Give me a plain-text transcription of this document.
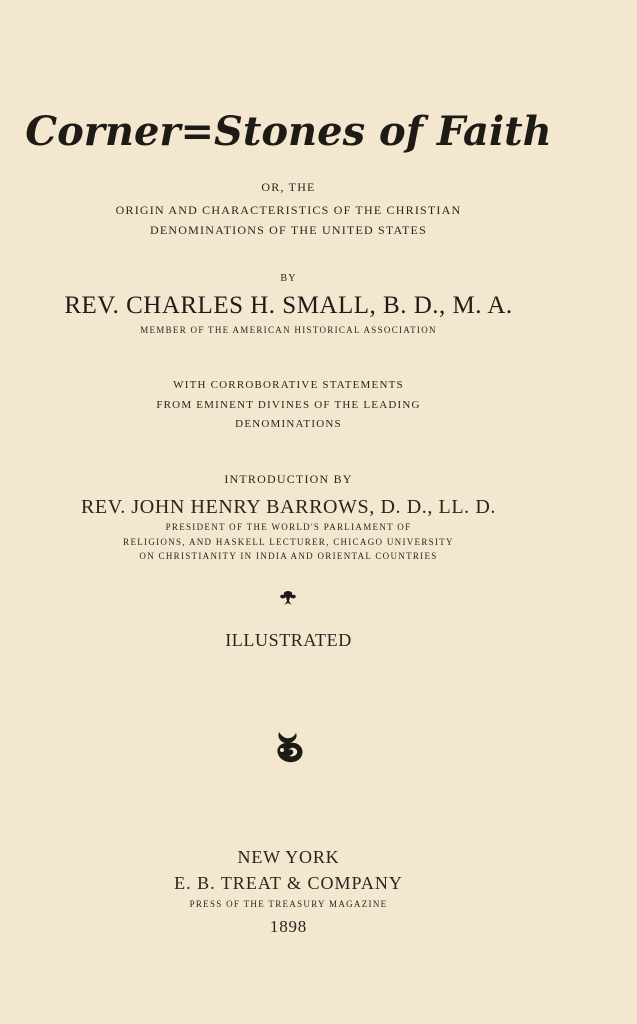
Corner=Stones of Faith
OR, THE
ORIGIN AND CHARACTERISTICS OF THE CHRISTIAN
DENOMINATIONS OF THE UNITED STATES
BY
REV. CHARLES H. SMALL, B. D., M. A.
MEMBER OF THE AMERICAN HISTORICAL ASSOCIATION
WITH CORROBORATIVE STATEMENTS
FROM EMINENT DIVINES OF THE LEADING
DENOMINATIONS
INTRODUCTION BY
REV. JOHN HENRY BARROWS, D. D., LL. D.
PRESIDENT OF THE WORLD'S PARLIAMENT OF
RELIGIONS, AND HASKELL LECTURER, CHICAGO UNIVERSITY
ON CHRISTIANITY IN INDIA AND ORIENTAL COUNTRIES
ILLUSTRATED
NEW YORK
E. B. TREAT & COMPANY
PRESS OF THE TREASURY MAGAZINE
1898
